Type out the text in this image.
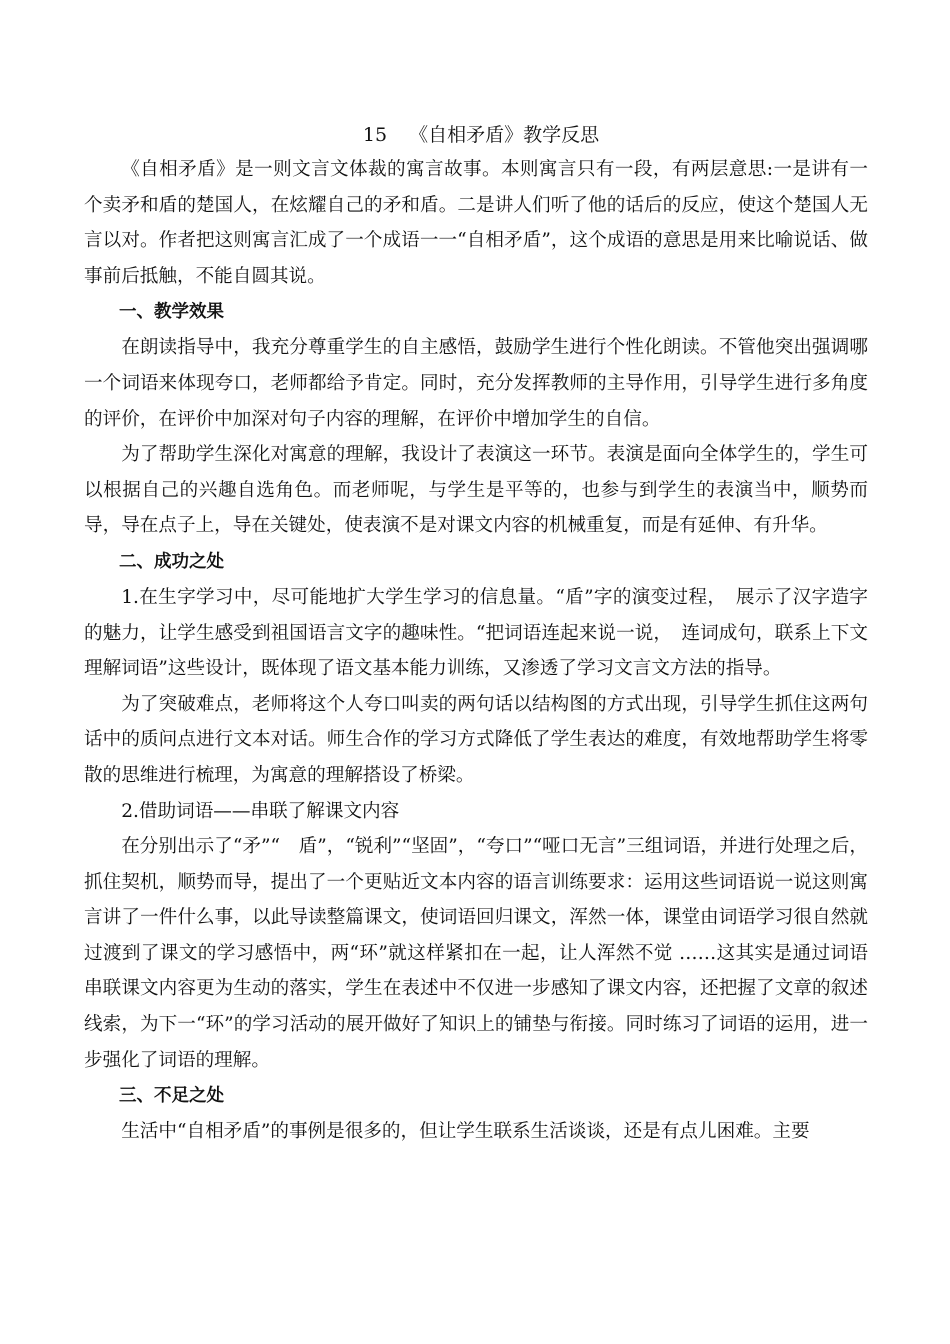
15 《自相矛盾》教学反思

《自相矛盾》是一则文言文体裁的寓言故事。本则寓言只有一段，有两层意思:一是讲有一个卖矛和盾的楚国人，在炫耀自己的矛和盾。二是讲人们听了他的话后的反应，使这个楚国人无言以对。作者把这则寓言汇成了一个成语一一“自相矛盾”，这个成语的意思是用来比喻说话、做事前后抵触，不能自圆其说。

一、教学效果

在朗读指导中，我充分尊重学生的自主感悟，鼓励学生进行个性化朗读。不管他突出强调哪一个词语来体现夸口，老师都给予肯定。同时，充分发挥教师的主导作用，引导学生进行多角度的评价，在评价中加深对句子内容的理解，在评价中增加学生的自信。

为了帮助学生深化对寓意的理解，我设计了表演这一环节。表演是面向全体学生的，学生可以根据自己的兴趣自选角色。而老师呢，与学生是平等的，也参与到学生的表演当中，顺势而导，导在点子上，导在关键处，使表演不是对课文内容的机械重复，而是有延伸、有升华。

二、成功之处

1.在生字学习中，尽可能地扩大学生学习的信息量。“盾”字的演变过程，　展示了汉字造字的魅力，让学生感受到祖国语言文字的趣味性。“把词语连起来说一说，　连词成句，联系上下文理解词语”这些设计，既体现了语文基本能力训练，又渗透了学习文言文方法的指导。

为了突破难点，老师将这个人夸口叫卖的两句话以结构图的方式出现，引导学生抓住这两句话中的质问点进行文本对话。师生合作的学习方式降低了学生表达的难度，有效地帮助学生将零散的思维进行梳理，为寓意的理解搭设了桥梁。

2.借助词语——串联了解课文内容

在分别出示了“矛”“　盾”，“锐利”“坚固”，“夸口”“哑口无言”三组词语，并进行处理之后，抓住契机，顺势而导，提出了一个更贴近文本内容的语言训练要求：运用这些词语说一说这则寓言讲了一件什么事，以此导读整篇课文，使词语回归课文，浑然一体，课堂由词语学习很自然就过渡到了课文的学习感悟中，两“环”就这样紧扣在一起，让人浑然不觉 ……这其实是通过词语串联课文内容更为生动的落实，学生在表述中不仅进一步感知了课文内容，还把握了文章的叙述线索，为下一“环”的学习活动的展开做好了知识上的铺垫与衔接。同时练习了词语的运用，进一步强化了词语的理解。

三、不足之处

生活中“自相矛盾”的事例是很多的，但让学生联系生活谈谈，还是有点儿困难。主要
